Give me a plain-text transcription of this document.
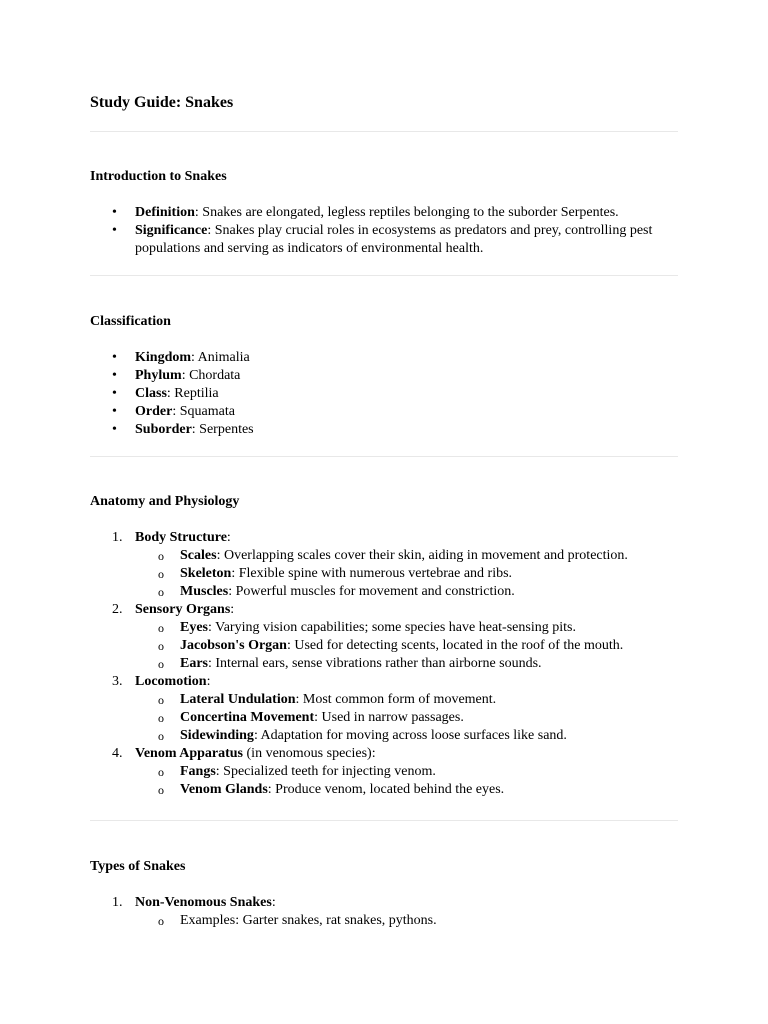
Study Guide: Snakes
Introduction to Snakes
• Definition: Snakes are elongated, legless reptiles belonging to the suborder Serpentes.
• Significance: Snakes play crucial roles in ecosystems as predators and prey, controlling pest populations and serving as indicators of environmental health.
Classification
• Kingdom: Animalia
• Phylum: Chordata
• Class: Reptilia
• Order: Squamata
• Suborder: Serpentes
Anatomy and Physiology
1. Body Structure:
o Scales: Overlapping scales cover their skin, aiding in movement and protection.
o Skeleton: Flexible spine with numerous vertebrae and ribs.
o Muscles: Powerful muscles for movement and constriction.
2. Sensory Organs:
o Eyes: Varying vision capabilities; some species have heat-sensing pits.
o Jacobson's Organ: Used for detecting scents, located in the roof of the mouth.
o Ears: Internal ears, sense vibrations rather than airborne sounds.
3. Locomotion:
o Lateral Undulation: Most common form of movement.
o Concertina Movement: Used in narrow passages.
o Sidewinding: Adaptation for moving across loose surfaces like sand.
4. Venom Apparatus (in venomous species):
o Fangs: Specialized teeth for injecting venom.
o Venom Glands: Produce venom, located behind the eyes.
Types of Snakes
1. Non-Venomous Snakes:
o Examples: Garter snakes, rat snakes, pythons.
